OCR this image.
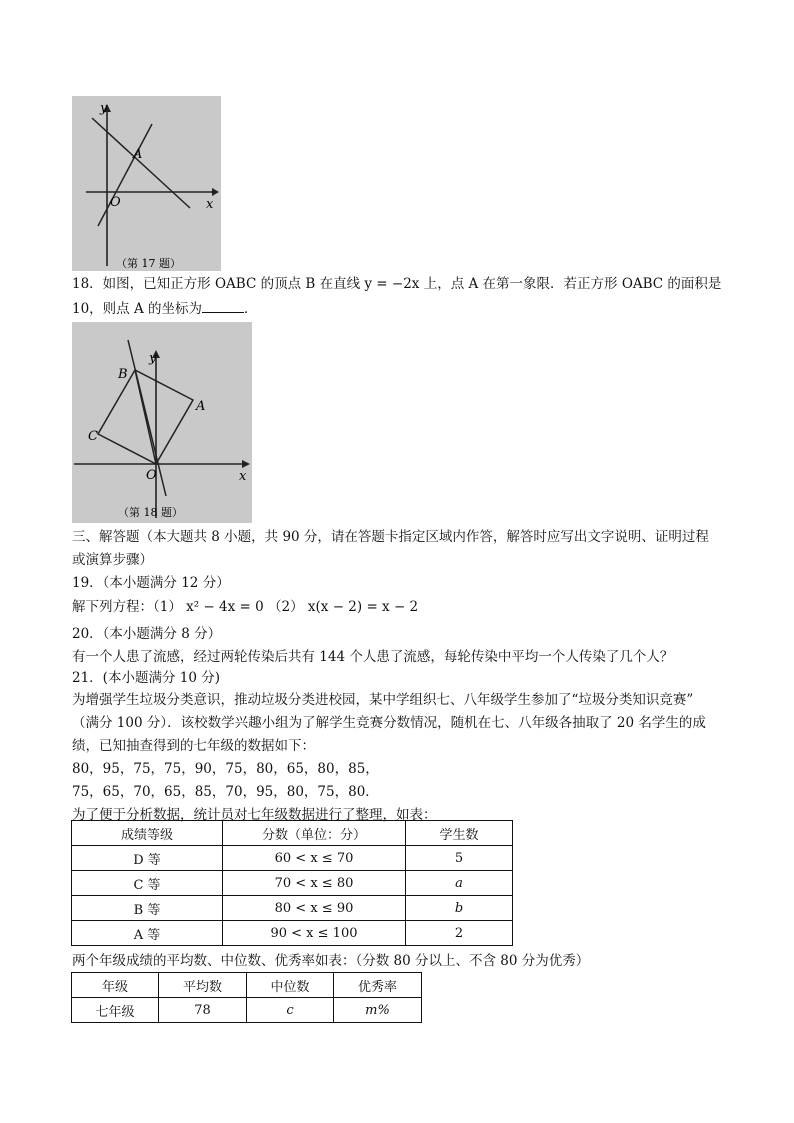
y
x
O
A
（第 17 题）
18．如图，已知正方形 OABC 的顶点 B 在直线 y = −2x 上，点 A 在第一象限．若正方形 OABC 的面积是
10，则点 A 的坐标为	．
y
x
O
A
B
C
（第 18 题）
三、解答题（本大题共 8 小题，共 90 分，请在答题卡指定区域内作答，解答时应写出文字说明、证明过程
或演算步骤）
19．（本小题满分 12 分）
解下列方程：（1） x² − 4x = 0 （2） x(x − 2) = x − 2
20．（本小题满分 8 分）
有一个人患了流感，经过两轮传染后共有 144 个人患了流感，每轮传染中平均一个人传染了几个人？
21．(本小题满分 10 分)
为增强学生垃圾分类意识，推动垃圾分类进校园，某中学组织七、八年级学生参加了“垃圾分类知识竞赛”
（满分 100 分）．该校数学兴趣小组为了解学生竞赛分数情况，随机在七、八年级各抽取了 20 名学生的成
绩，已知抽查得到的七年级的数据如下：
80，95，75，75，90，75，80，65，80，85，
75，65，70，65，85，70，95，80，75，80．
为了便于分析数据，统计员对七年级数据进行了整理，如表：
成绩等级	分数（单位：分）	学生数
D 等	60 < x ≤ 70	5
C 等	70 < x ≤ 80	a
B 等	80 < x ≤ 90	b
A 等	90 < x ≤ 100	2
两个年级成绩的平均数、中位数、优秀率如表：（分数 80 分以上、不含 80 分为优秀）
年级	平均数	中位数	优秀率
七年级	78	c	m%
